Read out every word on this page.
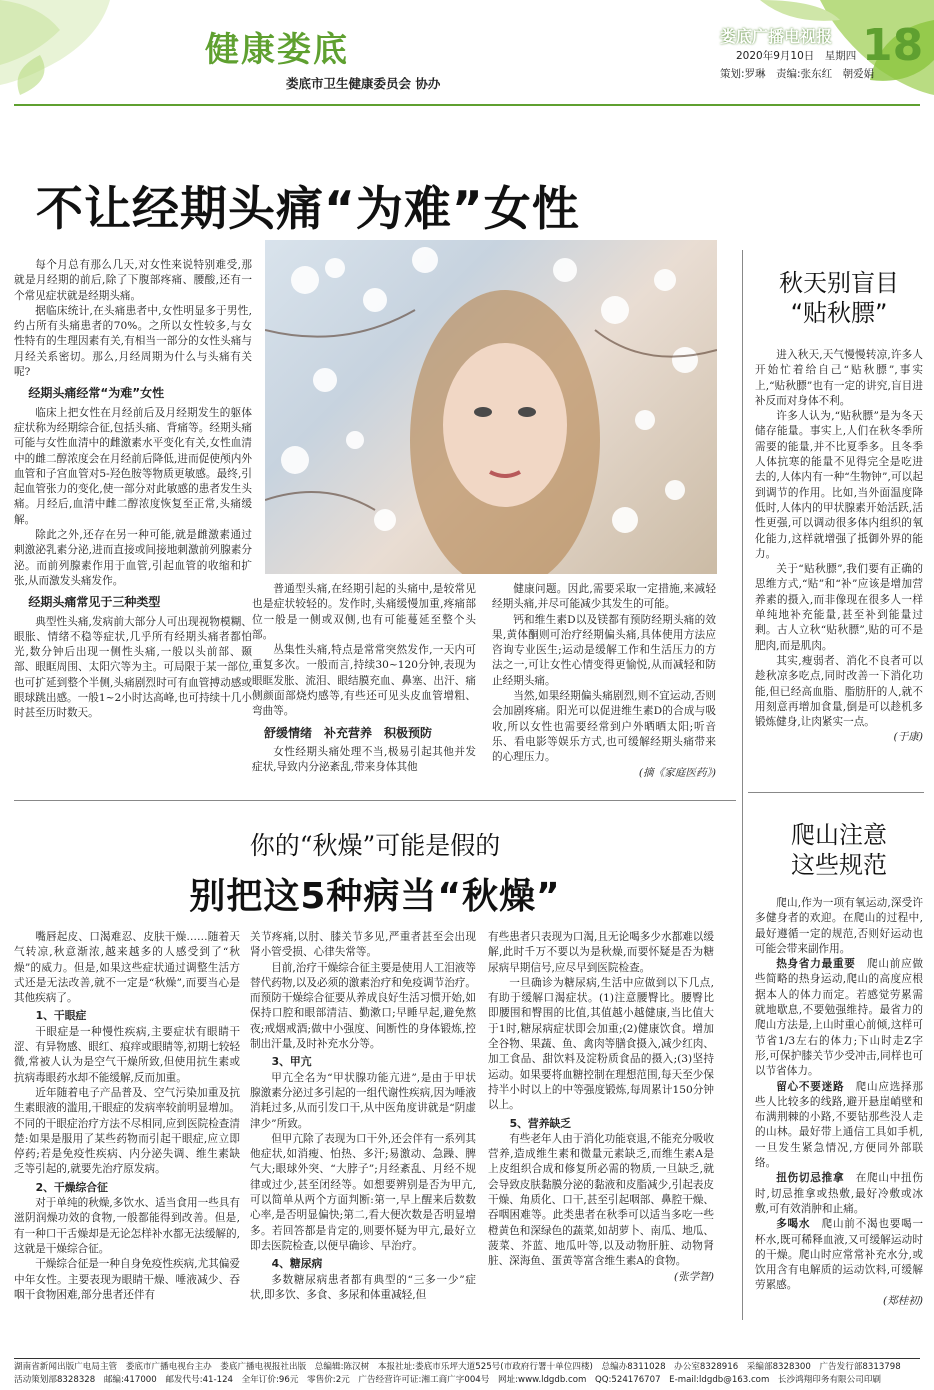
健康娄底
娄底市卫生健康委员会 协办
娄底广播电视报
2020年9月10日　星期四
策划:罗琳　责编:张东红　朝爱娟
18
不让经期头痛“为难”女性

每个月总有那么几天,对女性来说特别难受,那就是月经期的前后,除了下腹部疼痛、腰酸,还有一个常见症状就是经期头痛。

据临床统计,在头痛患者中,女性明显多于男性,约占所有头痛患者的70%。之所以女性较多,与女性特有的生理因素有关,有相当一部分的女性头痛与月经关系密切。那么,月经周期为什么与头痛有关呢?

经期头痛经常“为难”女性

临床上把女性在月经前后及月经期发生的躯体症状称为经期综合征,包括头痛、背痛等。经期头痛可能与女性血清中的雌激素水平变化有关,女性血清中的雌二醇浓度会在月经前后降低,进而促使颅内外血管和子宫血管对5-羟色胺等物质更敏感。最终,引起血管张力的变化,使一部分对此敏感的患者发生头痛。月经后,血清中雌二醇浓度恢复至正常,头痛缓解。

除此之外,还存在另一种可能,就是雌激素通过刺激泌乳素分泌,进而直接或间接地刺激前列腺素分泌。而前列腺素作用于血管,引起血管的收缩和扩张,从而激发头痛发作。

经期头痛常见于三种类型

典型性头痛,发病前大部分人可出现视物模糊、眼胀、情绪不稳等症状,几乎所有经期头痛者都怕光,数分钟后出现一侧性头痛,一般以头前部、颞部、眼眶周围、太阳穴等为主。可局限于某一部位,也可扩延到整个半侧,头痛剧烈时可有血管搏动感或眼球跳出感。一般1~2小时达高峰,也可持续十几小时甚至历时数天。

普通型头痛,在经期引起的头痛中,是较常见也是症状较轻的。发作时,头痛缓慢加重,疼痛部位一般是一侧或双侧,也有可能蔓延至整个头部。

丛集性头痛,特点是常常突然发作,一天内可重复多次。一般而言,持续30~120分钟,表现为眼眶发胀、流泪、眼结膜充血、鼻塞、出汗、痛侧颜面部烧灼感等,有些还可见头皮血管增粗、弯曲等。

舒缓情绪　补充营养　积极预防

女性经期头痛处理不当,极易引起其他并发症状,导致内分泌紊乱,带来身体其他

健康问题。因此,需要采取一定措施,来减轻经期头痛,并尽可能减少其发生的可能。

钙和维生素D以及镁都有预防经期头痛的效果,黄体酮则可治疗经期偏头痛,具体使用方法应咨询专业医生;运动是缓解工作和生活压力的方法之一,可让女性心情变得更愉悦,从而减轻和防止经期头痛。

当然,如果经期偏头痛剧烈,则不宜运动,否则会加剧疼痛。阳光可以促进维生素D的合成与吸收,所以女性也需要经常到户外晒晒太阳;听音乐、看电影等娱乐方式,也可缓解经期头痛带来的心理压力。

(摘《家庭医药》)
秋天别盲目
“贴秋膘”

进入秋天,天气慢慢转凉,许多人开始忙着给自己“贴秋膘”,事实上,“贴秋膘”也有一定的讲究,盲目进补反而对身体不利。

许多人认为,“贴秋膘”是为冬天储存能量。事实上,人们在秋冬季所需要的能量,并不比夏季多。且冬季人体抗寒的能量不见得完全是吃进去的,人体内有一种“生物钟”,可以起到调节的作用。比如,当外面温度降低时,人体内的甲状腺素开始活跃,活性更强,可以调动很多体内组织的氧化能力,这样就增强了抵御外界的能力。

关于“贴秋膘”,我们要有正确的思维方式,“贴”和“补”应该是增加营养素的摄入,而非像现在很多人一样单纯地补充能量,甚至补到能量过剩。古人立秋“贴秋膘”,贴的可不是肥肉,而是肌肉。

其实,瘦弱者、消化不良者可以趁秋凉多吃点,同时改善一下消化功能,但已经高血脂、脂肪肝的人,就不用刻意再增加食量,倒是可以趁机多锻炼健身,让肉紧实一点。

(于康)
爬山注意
这些规范

爬山,作为一项有氧运动,深受许多健身者的欢迎。在爬山的过程中,最好遵循一定的规范,否则好运动也可能会带来副作用。

热身省力最重要　 爬山前应做些简略的热身运动,爬山的高度应根据本人的体力而定。若感觉劳累需就地歇息,不要勉强维持。最省力的爬山方法是,上山时重心前倾,这样可节省1/3左右的体力;下山时走Z字形,可保护膝关节少受冲击,同样也可以节省体力。

留心不要迷路　 爬山应选择那些人比较多的线路,避开悬崖峭壁和布满荆棘的小路,不要钻那些没人走的山林。最好带上通信工具如手机,一旦发生紧急情况,方便同外部联络。

扭伤切忌推拿　 在爬山中扭伤时,切忌推拿或热敷,最好冷敷或冰敷,可有效消肿和止痛。

多喝水　 爬山前不渴也要喝一杯水,既可稀释血液,又可缓解运动时的干燥。爬山时应常常补充水分,或饮用含有电解质的运动饮料,可缓解劳累感。

(郑桂初)
你的“秋燥”可能是假的
别把这5种病当“秋燥”

嘴唇起皮、口渴难忍、皮肤干燥……随着天气转凉,秋意渐浓,越来越多的人感受到了“秋燥”的威力。但是,如果这些症状通过调整生活方式还是无法改善,就不一定是“秋燥”,而要当心是其他疾病了。

1、干眼症

干眼症是一种慢性疾病,主要症状有眼睛干涩、有异物感、眼红、痕痒或眼睛等,初期七较轻微,常被人认为是空气干燥所致,但使用抗生素或抗病毒眼药水却不能缓解,反而加重。

近年随着电子产品普及、空气污染加重及抗生素眼液的滥用,干眼症的发病率较前明显增加。不同的干眼症治疗方法不尽相同,应到医院检查清楚:如果是服用了某些药物而引起干眼症,应立即停药;若是免疫性疾病、内分泌失调、维生素缺乏等引起的,就要先治疗原发病。

2、干燥综合征

对于单纯的秋燥,多饮水、适当食用一些具有滋阴润燥功效的食物,一般都能得到改善。但是,有一种口干舌燥却是无论怎样补水都无法缓解的,这就是干燥综合征。

干燥综合征是一种自身免疫性疾病,尤其偏爱中年女性。主要表现为眼睛干燥、唾液减少、吞咽干食物困难,部分患者还伴有

关节疼痛,以肘、膝关节多见,严重者甚至会出现肾小管受损、心律失常等。

目前,治疗干燥综合征主要是使用人工泪液等替代药物,以及必须的激素治疗和免疫调节治疗。而预防干燥综合征要从养成良好生活习惯开始,如保持口腔和眼部清洁、勤漱口;早睡早起,避免熬夜;戒烟戒酒;做中小强度、间断性的身体锻炼,控制出汗量,及时补充水分等。

3、甲亢

甲亢全名为“甲状腺功能亢进”,是由于甲状腺激素分泌过多引起的一组代谢性疾病,因为唾液消耗过多,从而引发口干,从中医角度讲就是“阴虚津少”所致。

但甲亢除了表现为口干外,还会伴有一系列其他症状,如消瘦、怕热、多汗;易激动、急躁、脾气大;眼球外突、“大脖子”;月经紊乱、月经不规律或过少,甚至闭经等。如想要辨别是否为甲亢,可以简单从两个方面判断:第一,早上醒来后数数心率,是否明显偏快;第二,看大便次数是否明显增多。若回答都是肯定的,则要怀疑为甲亢,最好立即去医院检查,以便早确诊、早治疗。

4、糖尿病

多数糖尿病患者都有典型的“三多一少”症状,即多饮、多食、多尿和体重减轻,但

有些患者只表现为口渴,且无论喝多少水都难以缓解,此时千万不要以为是秋燥,而要怀疑是否为糖尿病早期信号,应尽早到医院检查。

一旦确诊为糖尿病,生活中应做到以下几点,有助于缓解口渴症状。(1)注意腰臀比。腰臀比即腰围和臀围的比值,其值越小越健康,当比值大于1时,糖尿病症状即会加重;(2)健康饮食。增加全谷物、果蔬、鱼、禽肉等膳食摄入,减少红肉、加工食品、甜饮料及淀粉质食品的摄入;(3)坚持运动。如果要将血糖控制在理想范围,每天至少保持半小时以上的中等强度锻炼,每周累计150分钟以上。

5、营养缺乏

有些老年人由于消化功能衰退,不能充分吸收营养,造成维生素和微量元素缺乏,而维生素A是上皮组织合成和修复所必需的物质,一旦缺乏,就会导致皮肤黏膜分泌的黏液和皮脂减少,引起表皮干燥、角质化、口干,甚至引起咽部、鼻腔干燥、吞咽困难等。此类患者在秋季可以适当多吃一些橙黄色和深绿色的蔬菜,如胡萝卜、南瓜、地瓜、菠菜、芥蓝、地瓜叶等,以及动物肝脏、动物肾脏、深海鱼、蛋黄等富含维生素A的食物。

(张学智)
湖南省新闻出版广电局主管　娄底市广播电视台主办　娄底广播电视报社出版　总编辑:陈汉树　本报社址:娄底市乐坪大道525号(市政府行署十单位四楼)　总编办8311028　办公室8328916　采编部8328300　广告发行部8313798
活动策划部8328328　邮编:417000　邮发代号:41-124　全年订价:96元　零售价:2元　广告经营许可证:湘工商广字004号　网址:www.ldgdb.com　QQ:524176707　E-mail:ldgdb@163.com　长沙鸿翔印务有限公司印刷
